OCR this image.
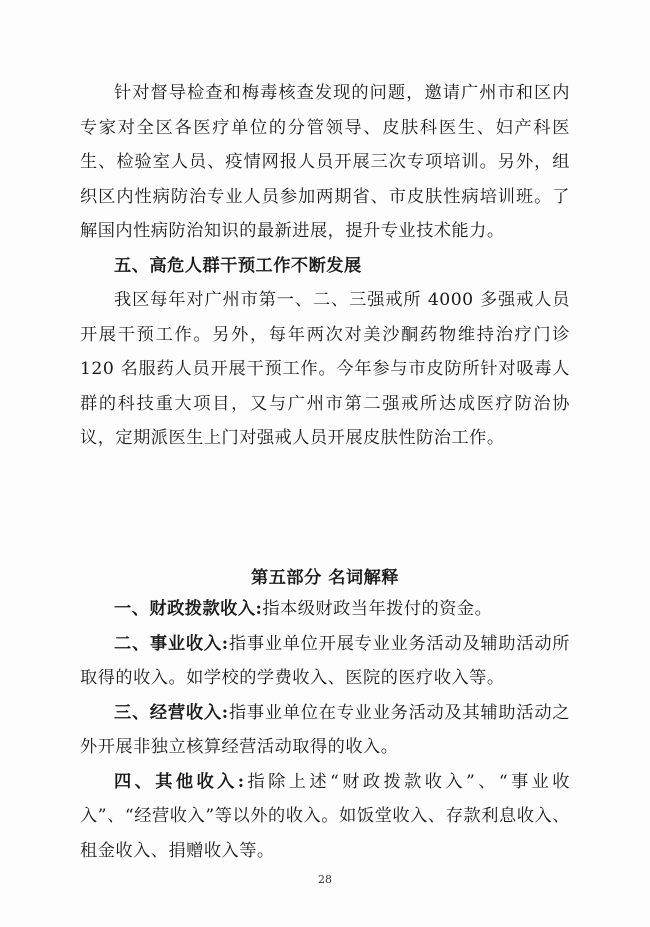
针对督导检查和梅毒核查发现的问题，邀请广州市和区内专家对全区各医疗单位的分管领导、皮肤科医生、妇产科医生、检验室人员、疫情网报人员开展三次专项培训。另外，组织区内性病防治专业人员参加两期省、市皮肤性病培训班。了解国内性病防治知识的最新进展，提升专业技术能力。

五、高危人群干预工作不断发展

我区每年对广州市第一、二、三强戒所 4000 多强戒人员开展干预工作。另外，每年两次对美沙酮药物维持治疗门诊 120 名服药人员开展干预工作。今年参与市皮防所针对吸毒人群的科技重大项目，又与广州市第二强戒所达成医疗防治协议，定期派医生上门对强戒人员开展皮肤性防治工作。

第五部分 名词解释

一、财政拨款收入:指本级财政当年拨付的资金。

二、事业收入:指事业单位开展专业业务活动及辅助活动所取得的收入。如学校的学费收入、医院的医疗收入等。

三、经营收入:指事业单位在专业业务活动及其辅助活动之外开展非独立核算经营活动取得的收入。

四、其他收入:指除上述“财政拨款收入”、“事业收入”、“经营收入”等以外的收入。如饭堂收入、存款利息收入、租金收入、捐赠收入等。

28
